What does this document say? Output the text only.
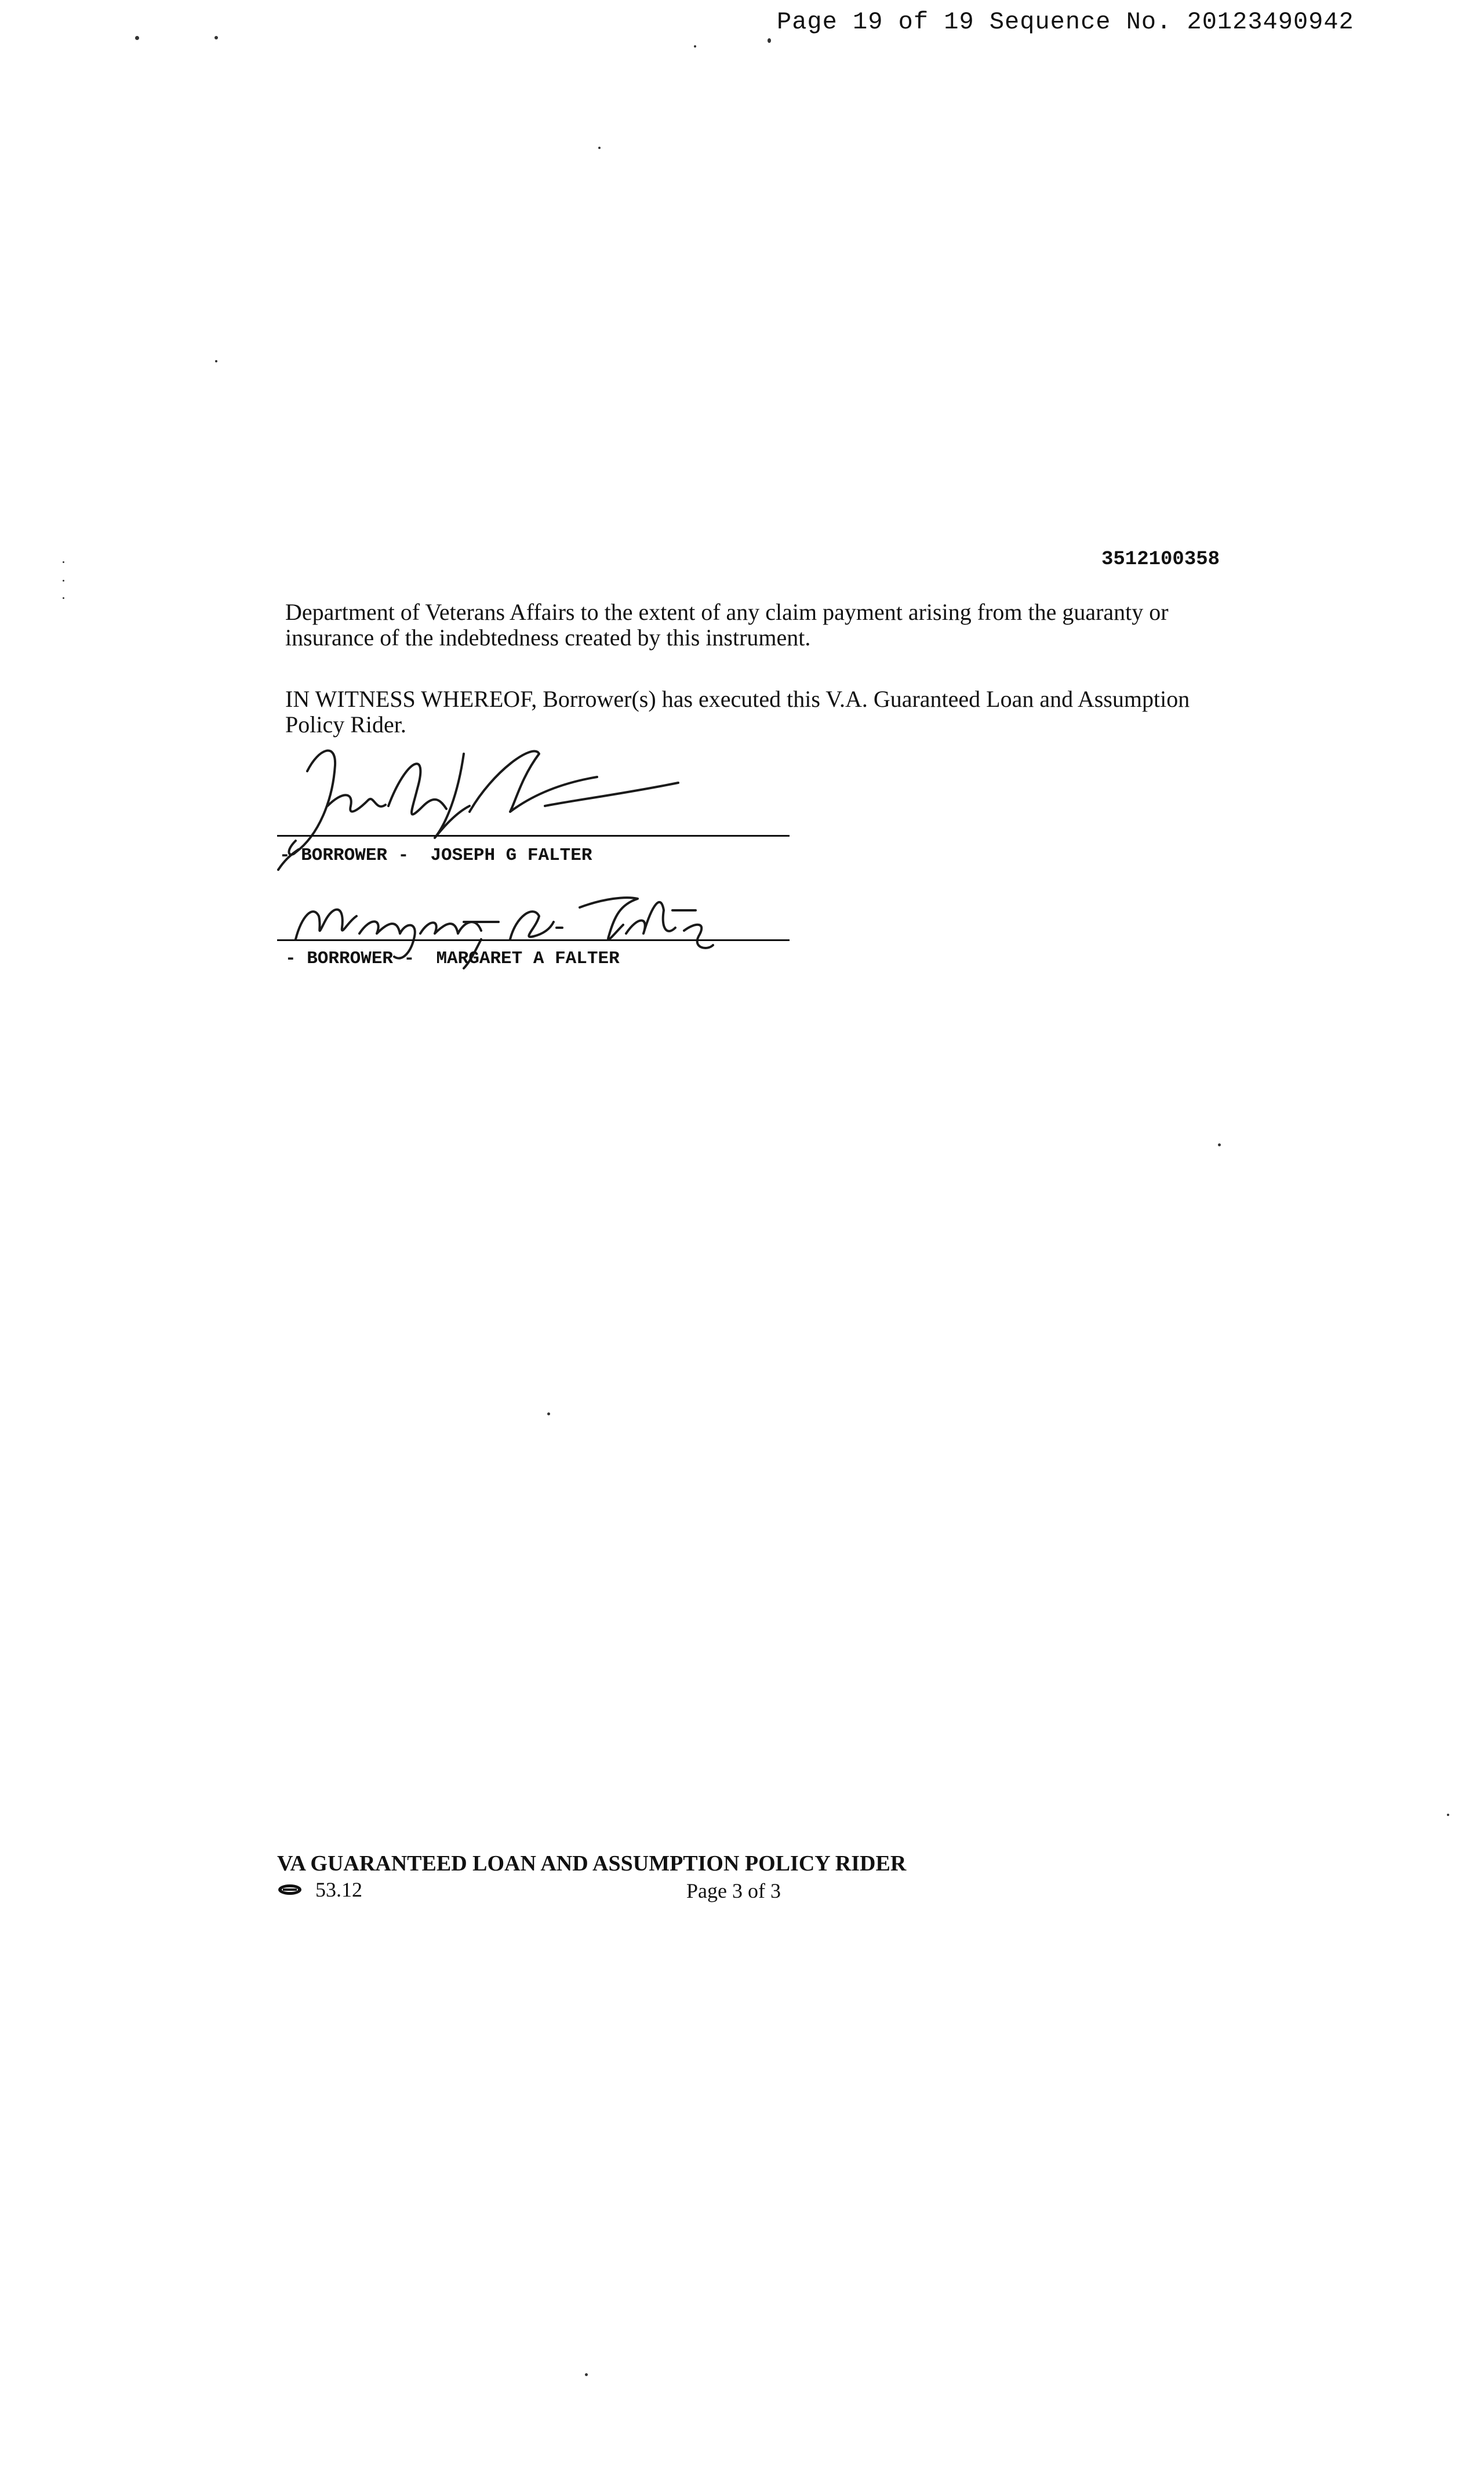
Page 19 of 19 Sequence No. 20123490942
3512100358
Department of Veterans Affairs to the extent of any claim payment arising from the guaranty or insurance of the indebtedness created by this instrument.
IN WITNESS WHEREOF, Borrower(s) has executed this V.A. Guaranteed Loan and Assumption Policy Rider.
- BORROWER -  JOSEPH G FALTER
- BORROWER -  MARGARET A FALTER
VA GUARANTEED LOAN AND ASSUMPTION POLICY RIDER
53.12	Page 3 of 3
